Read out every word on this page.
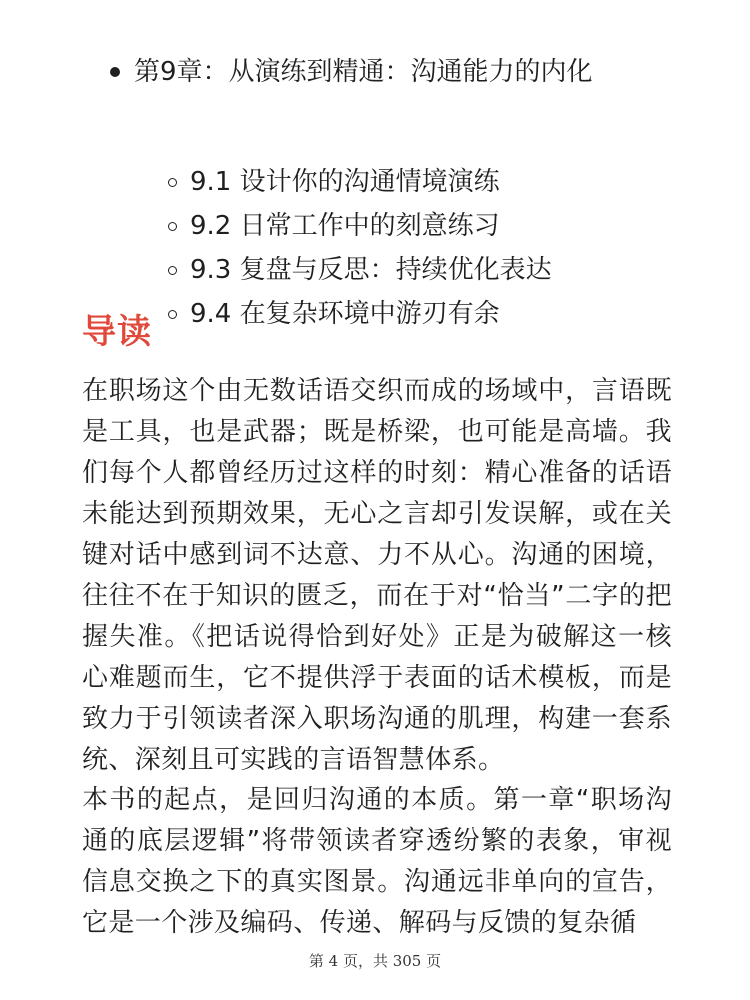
第9章：从演练到精通：沟通能力的内化
9.1 设计你的沟通情境演练
9.2 日常工作中的刻意练习
9.3 复盘与反思：持续优化表达
9.4 在复杂环境中游刃有余
导读

在职场这个由无数话语交织而成的场域中，言语既是工具，也是武器；既是桥梁，也可能是高墙。我们每个人都曾经历过这样的时刻：精心准备的话语未能达到预期效果，无心之言却引发误解，或在关键对话中感到词不达意、力不从心。沟通的困境，往往不在于知识的匮乏，而在于对“恰当”二字的把握失准。《把话说得恰到好处》正是为破解这一核心难题而生，它不提供浮于表面的话术模板，而是致力于引领读者深入职场沟通的肌理，构建一套系统、深刻且可实践的言语智慧体系。

本书的起点，是回归沟通的本质。第一章“职场沟通的底层逻辑”将带领读者穿透纷繁的表象，审视信息交换之下的真实图景。沟通远非单向的宣告，它是一个涉及编码、传递、解码与反馈的复杂循

第 4 页，共 305 页
